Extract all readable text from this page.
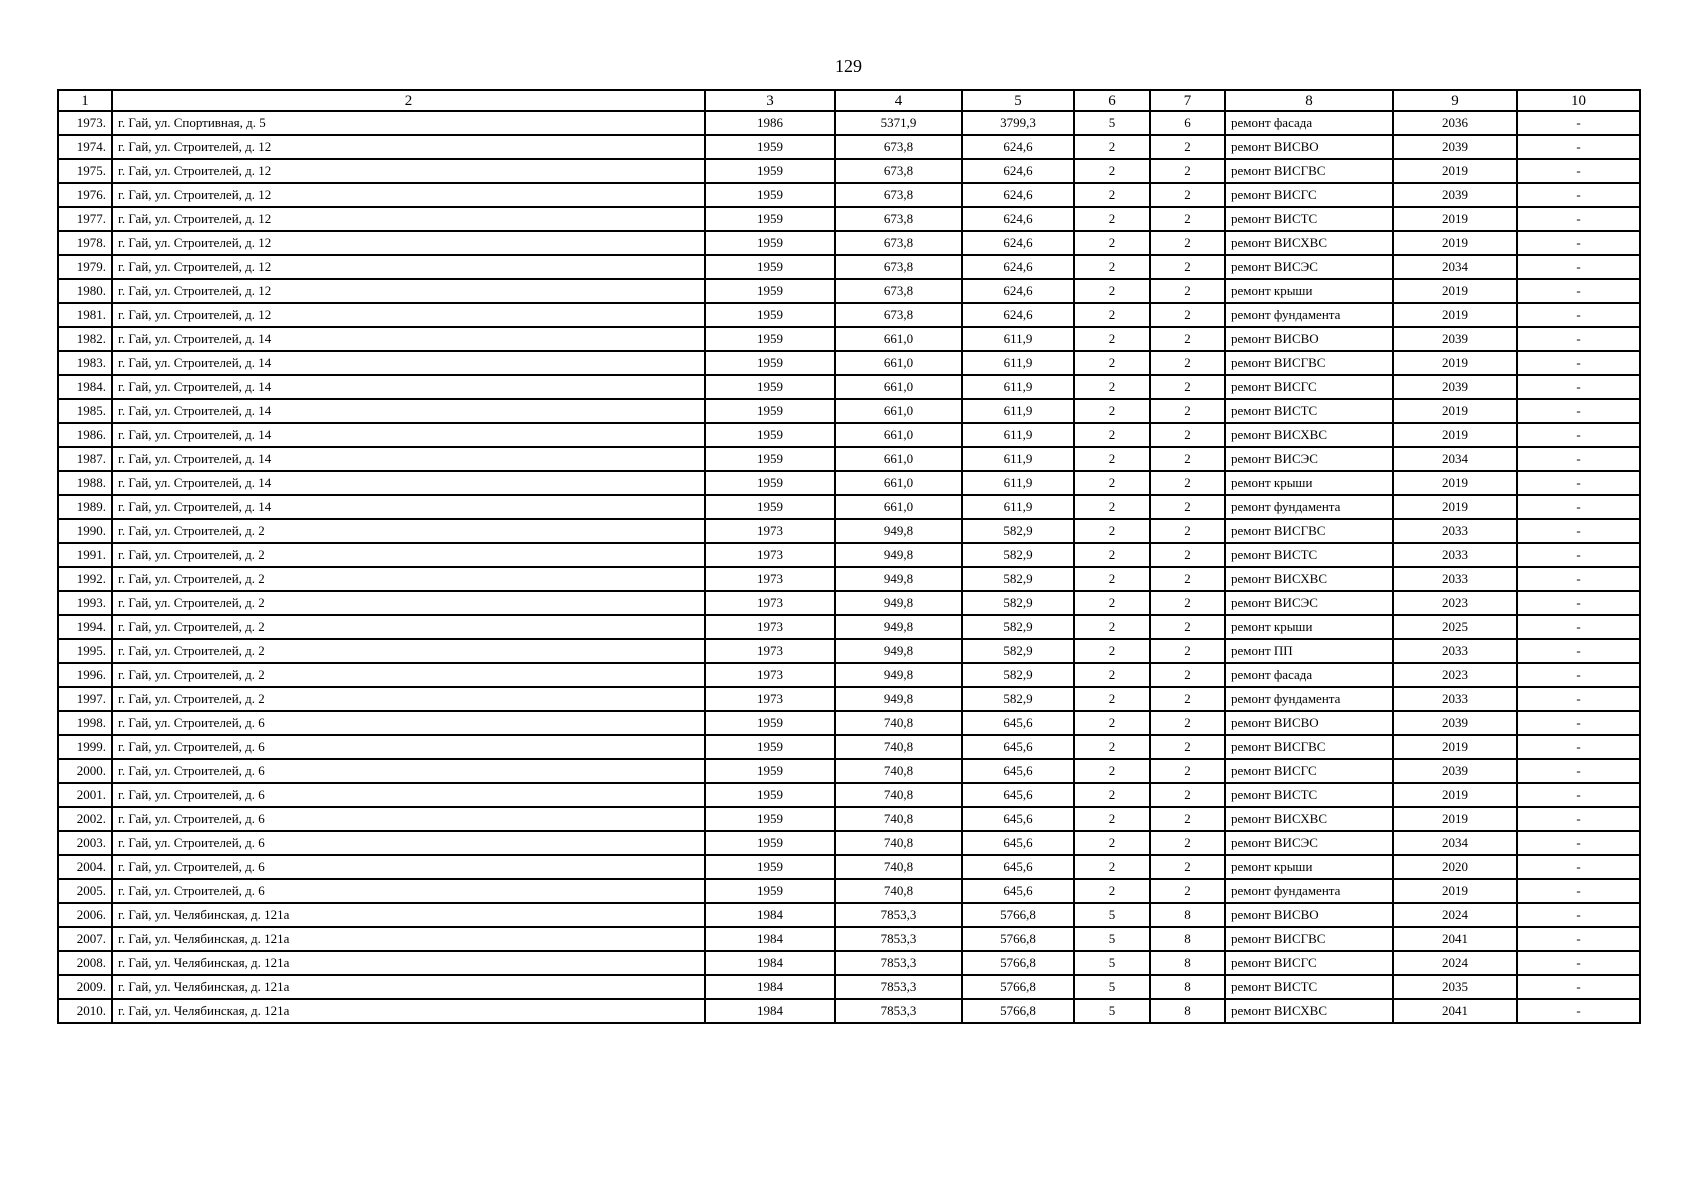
129
1	2	3	4	5	6	7	8	9	10
1973.	г. Гай, ул. Спортивная, д. 5	1986	5371,9	3799,3	5	6	ремонт фасада	2036	-
1974.	г. Гай, ул. Строителей, д. 12	1959	673,8	624,6	2	2	ремонт ВИСВО	2039	-
1975.	г. Гай, ул. Строителей, д. 12	1959	673,8	624,6	2	2	ремонт ВИСГВС	2019	-
1976.	г. Гай, ул. Строителей, д. 12	1959	673,8	624,6	2	2	ремонт ВИСГС	2039	-
1977.	г. Гай, ул. Строителей, д. 12	1959	673,8	624,6	2	2	ремонт ВИСТС	2019	-
1978.	г. Гай, ул. Строителей, д. 12	1959	673,8	624,6	2	2	ремонт ВИСХВС	2019	-
1979.	г. Гай, ул. Строителей, д. 12	1959	673,8	624,6	2	2	ремонт ВИСЭС	2034	-
1980.	г. Гай, ул. Строителей, д. 12	1959	673,8	624,6	2	2	ремонт крыши	2019	-
1981.	г. Гай, ул. Строителей, д. 12	1959	673,8	624,6	2	2	ремонт фундамента	2019	-
1982.	г. Гай, ул. Строителей, д. 14	1959	661,0	611,9	2	2	ремонт ВИСВО	2039	-
1983.	г. Гай, ул. Строителей, д. 14	1959	661,0	611,9	2	2	ремонт ВИСГВС	2019	-
1984.	г. Гай, ул. Строителей, д. 14	1959	661,0	611,9	2	2	ремонт ВИСГС	2039	-
1985.	г. Гай, ул. Строителей, д. 14	1959	661,0	611,9	2	2	ремонт ВИСТС	2019	-
1986.	г. Гай, ул. Строителей, д. 14	1959	661,0	611,9	2	2	ремонт ВИСХВС	2019	-
1987.	г. Гай, ул. Строителей, д. 14	1959	661,0	611,9	2	2	ремонт ВИСЭС	2034	-
1988.	г. Гай, ул. Строителей, д. 14	1959	661,0	611,9	2	2	ремонт крыши	2019	-
1989.	г. Гай, ул. Строителей, д. 14	1959	661,0	611,9	2	2	ремонт фундамента	2019	-
1990.	г. Гай, ул. Строителей, д. 2	1973	949,8	582,9	2	2	ремонт ВИСГВС	2033	-
1991.	г. Гай, ул. Строителей, д. 2	1973	949,8	582,9	2	2	ремонт ВИСТС	2033	-
1992.	г. Гай, ул. Строителей, д. 2	1973	949,8	582,9	2	2	ремонт ВИСХВС	2033	-
1993.	г. Гай, ул. Строителей, д. 2	1973	949,8	582,9	2	2	ремонт ВИСЭС	2023	-
1994.	г. Гай, ул. Строителей, д. 2	1973	949,8	582,9	2	2	ремонт крыши	2025	-
1995.	г. Гай, ул. Строителей, д. 2	1973	949,8	582,9	2	2	ремонт ПП	2033	-
1996.	г. Гай, ул. Строителей, д. 2	1973	949,8	582,9	2	2	ремонт фасада	2023	-
1997.	г. Гай, ул. Строителей, д. 2	1973	949,8	582,9	2	2	ремонт фундамента	2033	-
1998.	г. Гай, ул. Строителей, д. 6	1959	740,8	645,6	2	2	ремонт ВИСВО	2039	-
1999.	г. Гай, ул. Строителей, д. 6	1959	740,8	645,6	2	2	ремонт ВИСГВС	2019	-
2000.	г. Гай, ул. Строителей, д. 6	1959	740,8	645,6	2	2	ремонт ВИСГС	2039	-
2001.	г. Гай, ул. Строителей, д. 6	1959	740,8	645,6	2	2	ремонт ВИСТС	2019	-
2002.	г. Гай, ул. Строителей, д. 6	1959	740,8	645,6	2	2	ремонт ВИСХВС	2019	-
2003.	г. Гай, ул. Строителей, д. 6	1959	740,8	645,6	2	2	ремонт ВИСЭС	2034	-
2004.	г. Гай, ул. Строителей, д. 6	1959	740,8	645,6	2	2	ремонт крыши	2020	-
2005.	г. Гай, ул. Строителей, д. 6	1959	740,8	645,6	2	2	ремонт фундамента	2019	-
2006.	г. Гай, ул. Челябинская, д. 121а	1984	7853,3	5766,8	5	8	ремонт ВИСВО	2024	-
2007.	г. Гай, ул. Челябинская, д. 121а	1984	7853,3	5766,8	5	8	ремонт ВИСГВС	2041	-
2008.	г. Гай, ул. Челябинская, д. 121а	1984	7853,3	5766,8	5	8	ремонт ВИСГС	2024	-
2009.	г. Гай, ул. Челябинская, д. 121а	1984	7853,3	5766,8	5	8	ремонт ВИСТС	2035	-
2010.	г. Гай, ул. Челябинская, д. 121а	1984	7853,3	5766,8	5	8	ремонт ВИСХВС	2041	-
